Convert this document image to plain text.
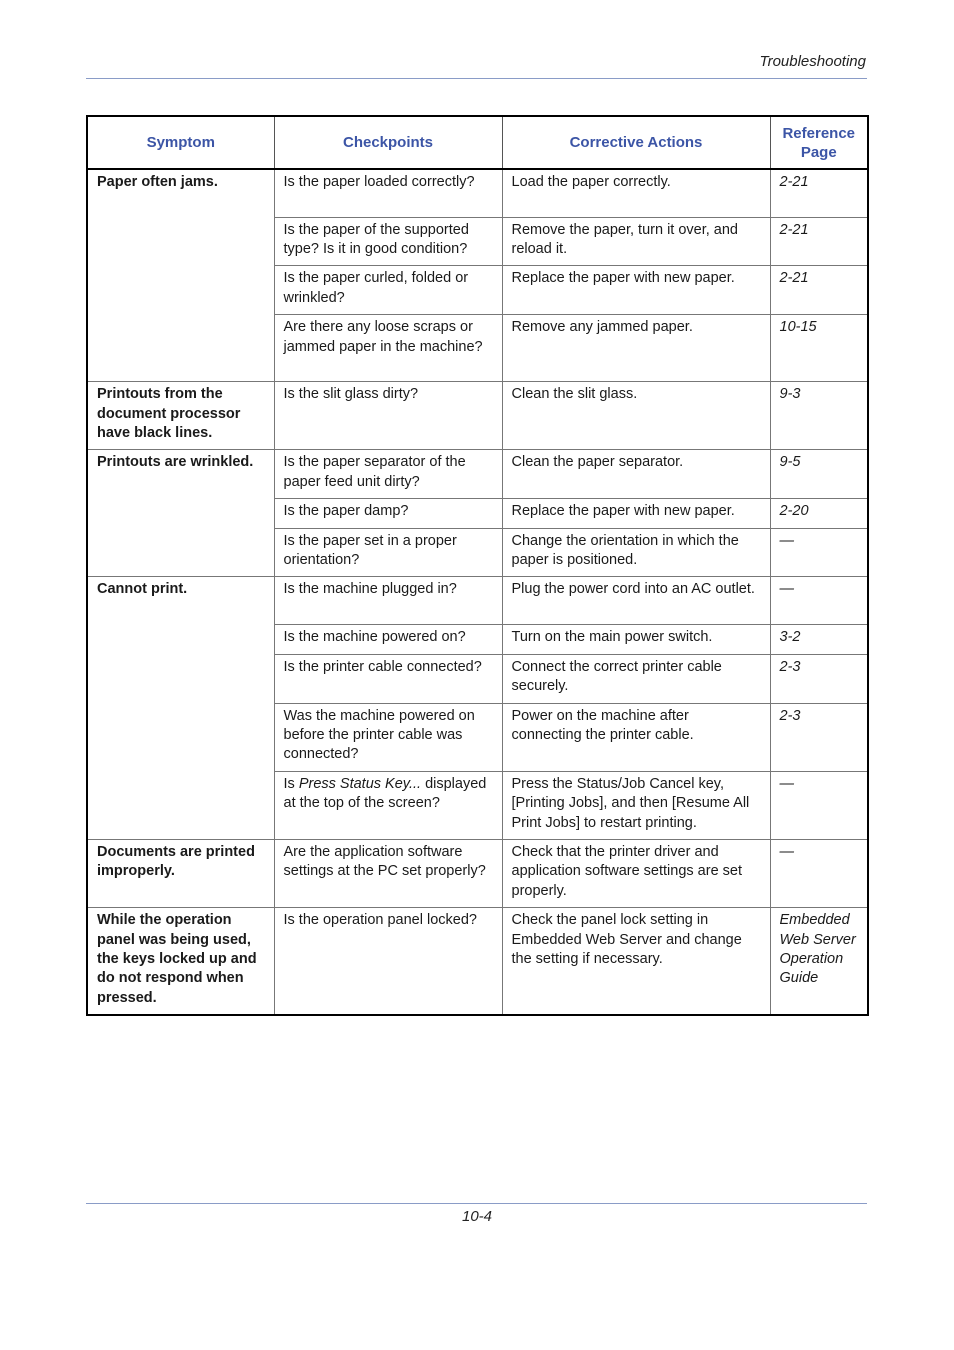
Troubleshooting
Symptom	Checkpoints	Corrective Actions	Reference Page
Paper often jams.	Is the paper loaded correctly?	Load the paper correctly.	2-21
	Is the paper of the supported type? Is it in good condition?	Remove the paper, turn it over, and reload it.	2-21
	Is the paper curled, folded or wrinkled?	Replace the paper with new paper.	2-21
	Are there any loose scraps or jammed paper in the machine?	Remove any jammed paper.	10-15
Printouts from the document processor have black lines.	Is the slit glass dirty?	Clean the slit glass.	9-3
Printouts are wrinkled.	Is the paper separator of the paper feed unit dirty?	Clean the paper separator.	9-5
	Is the paper damp?	Replace the paper with new paper.	2-20
	Is the paper set in a proper orientation?	Change the orientation in which the paper is positioned.	—
Cannot print.	Is the machine plugged in?	Plug the power cord into an AC outlet.	—
	Is the machine powered on?	Turn on the main power switch.	3-2
	Is the printer cable connected?	Connect the correct printer cable securely.	2-3
	Was the machine powered on before the printer cable was connected?	Power on the machine after connecting the printer cable.	2-3
	Is Press Status Key... displayed at the top of the screen?	Press the Status/Job Cancel key, [Printing Jobs], and then [Resume All Print Jobs] to restart printing.	—
Documents are printed improperly.	Are the application software settings at the PC set properly?	Check that the printer driver and application software settings are set properly.	—
While the operation panel was being used, the keys locked up and do not respond when pressed.	Is the operation panel locked?	Check the panel lock setting in Embedded Web Server and change the setting if necessary.	Embedded Web Server Operation Guide
10-4
